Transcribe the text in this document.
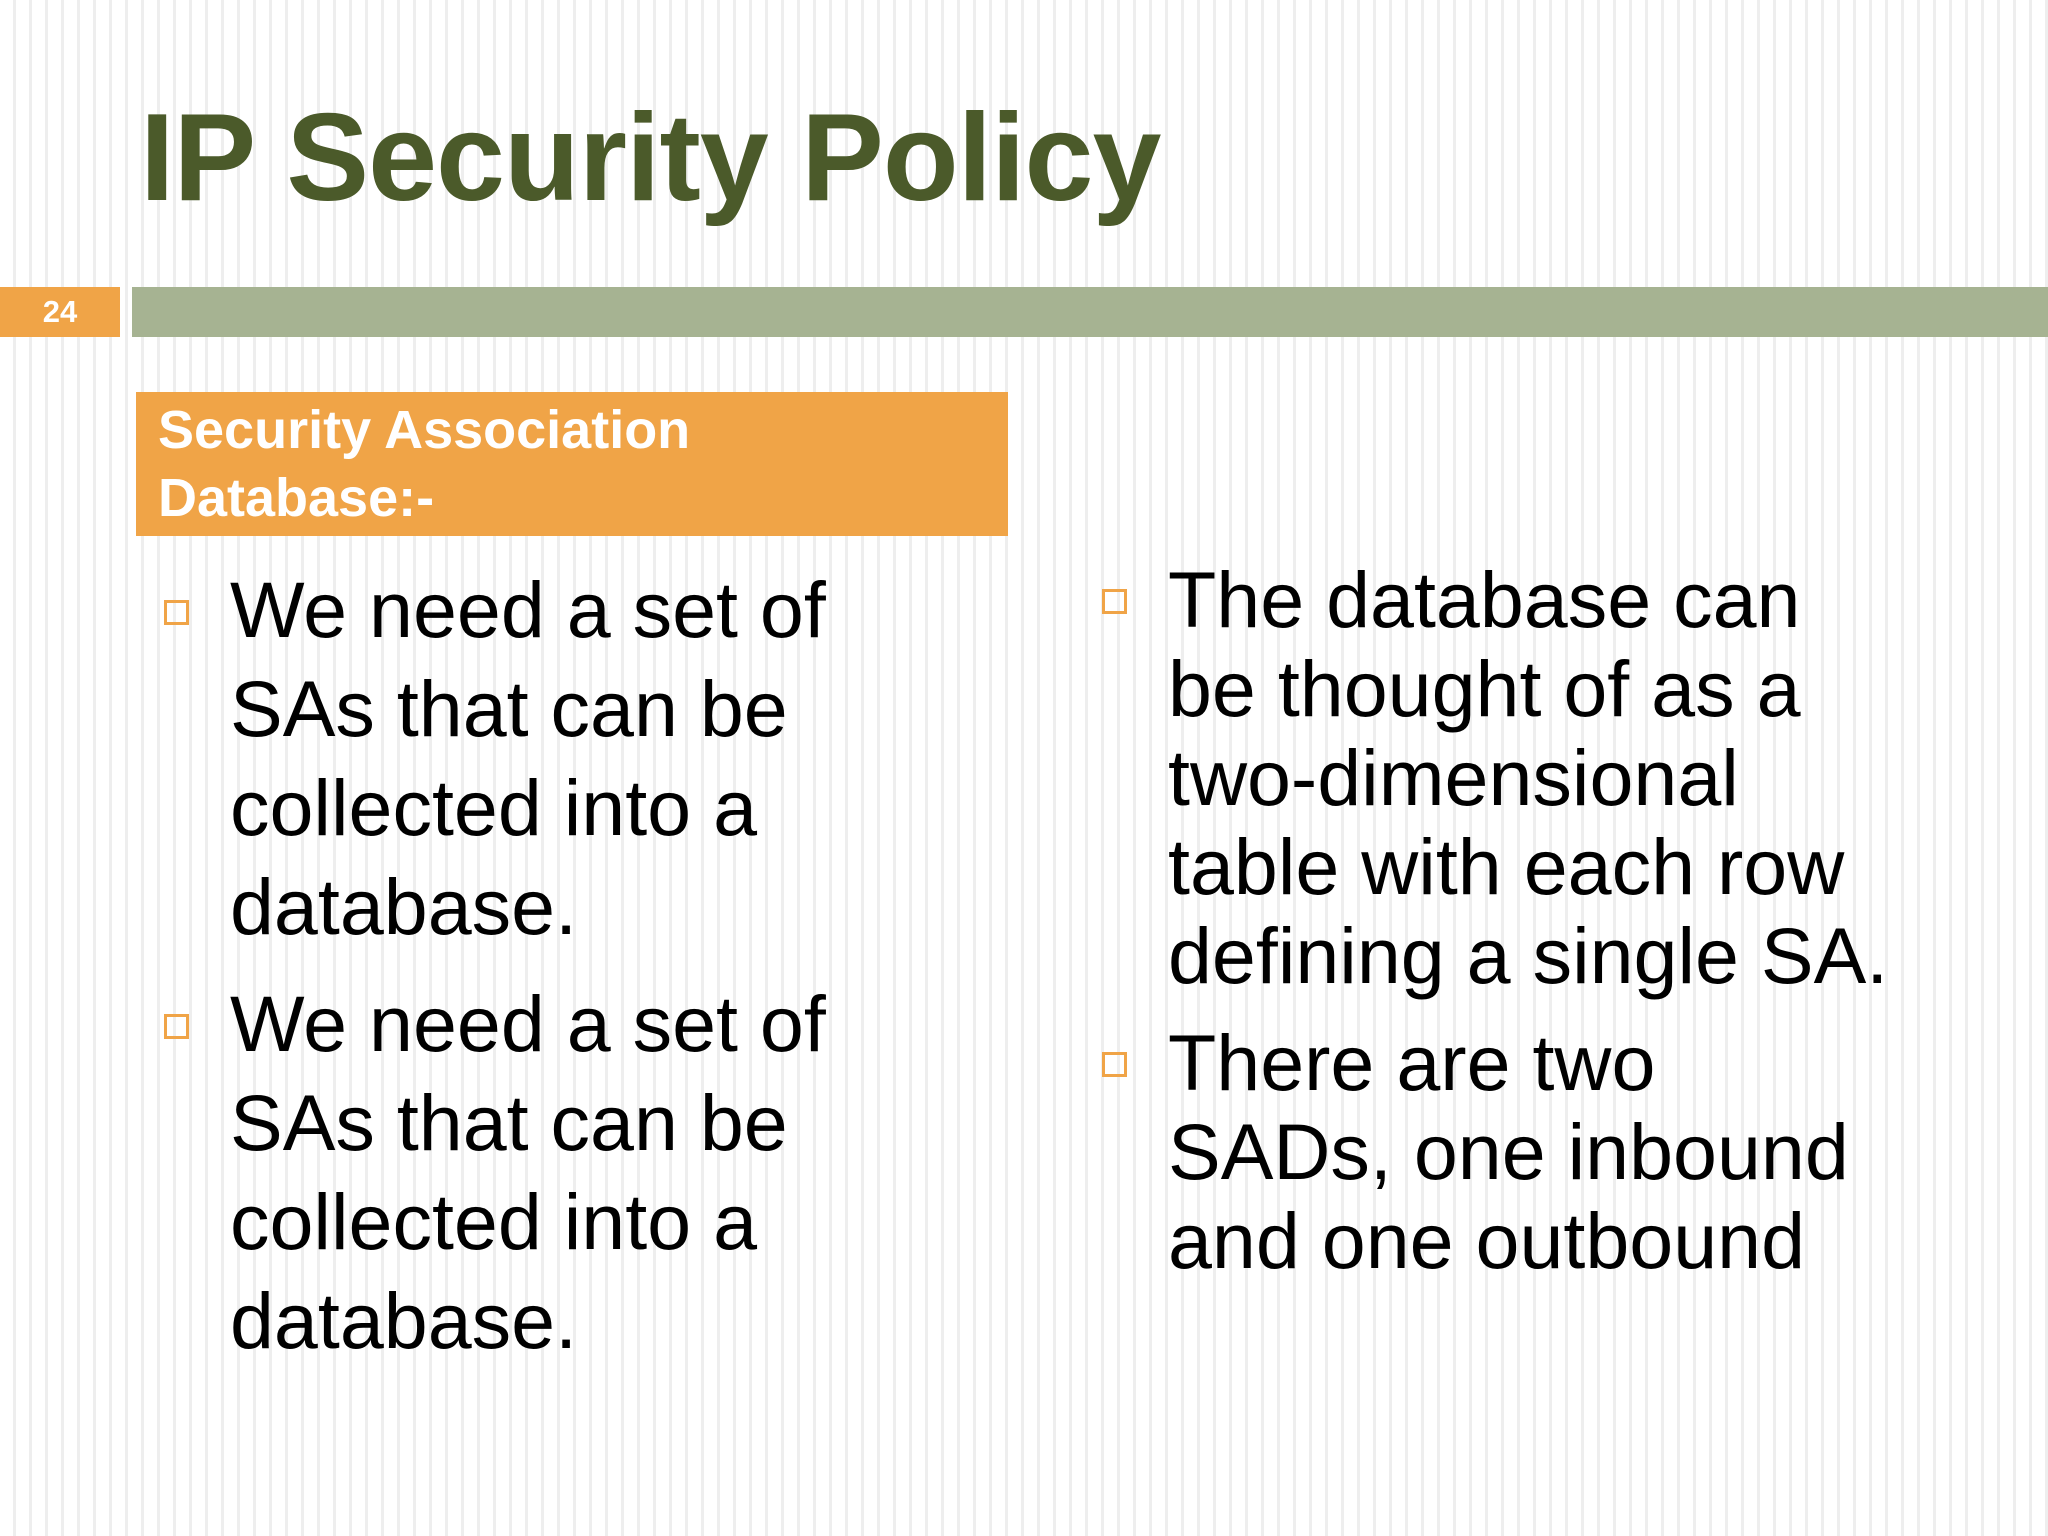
IP Security Policy
24
Security Association
Database:-
We need a set of
SAs that can be
collected into a
database.
We need a set of
SAs that can be
collected into a
database.
The database can
be thought of as a
two-dimensional
table with each row
defining a single SA.
There are two
SADs, one inbound
and one outbound
